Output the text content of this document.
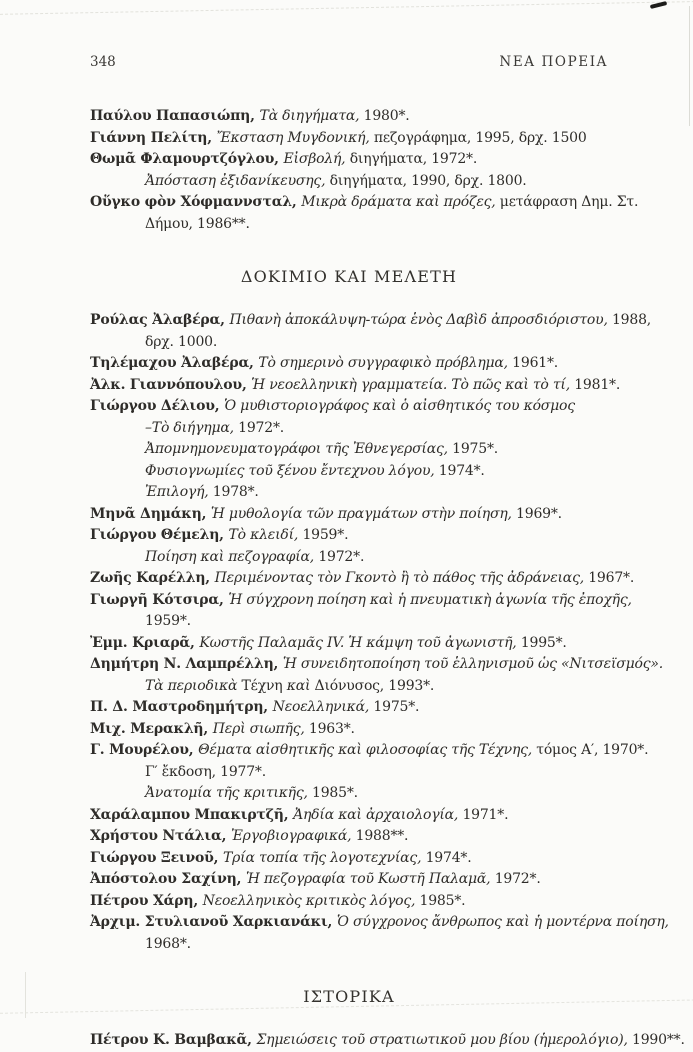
348	ΝΕΑ ΠΟΡΕΙΑ
Παύλου Παπασιώπη, Τὰ διηγήματα, 1980*.
Γιάννη Πελίτη, Ἔκσταση Μυγδονική, πεζογράφημα, 1995, δρχ. 1500
Θωμᾶ Φλαμουρτζόγλου, Εἰσβολή, διηγήματα, 1972*.
Ἀπόσταση ἐξιδανίκευσης, διηγήματα, 1990, δρχ. 1800.
Οὕγκο φὸν Χόφμαννσταλ, Μικρὰ δράματα καὶ πρόζες, μετάφραση Δημ. Στ.
Δήμου, 1986**.
ΔΟΚΙΜΙΟ ΚΑΙ ΜΕΛΕΤΗ
Ρούλας Ἀλαβέρα, Πιθανὴ ἀποκάλυψη-τώρα ἑνὸς Δαβὶδ ἀπροσδιόριστου, 1988,
δρχ. 1000.
Τηλέμαχου Ἀλαβέρα, Τὸ σημερινὸ συγγραφικὸ πρόβλημα, 1961*.
Ἀλκ. Γιαννόπουλου, Ἡ νεοελληνικὴ γραμματεία. Τὸ πῶς καὶ τὸ τί, 1981*.
Γιώργου Δέλιου, Ὁ μυθιστοριογράφος καὶ ὁ αἰσθητικός του κόσμος
–Τὸ διήγημα, 1972*.
Ἀπομνημονευματογράφοι τῆς Ἐθνεγερσίας, 1975*.
Φυσιογνωμίες τοῦ ξένου ἔντεχνου λόγου, 1974*.
Ἐπιλογή, 1978*.
Μηνᾶ Δημάκη, Ἡ μυθολογία τῶν πραγμάτων στὴν ποίηση, 1969*.
Γιώργου Θέμελη, Τὸ κλειδί, 1959*.
Ποίηση καὶ πεζογραφία, 1972*.
Ζωῆς Καρέλλη, Περιμένοντας τὸν Γκοντὸ ἢ τὸ πάθος τῆς ἀδράνειας, 1967*.
Γιωργῆ Κότσιρα, Ἡ σύγχρονη ποίηση καὶ ἡ πνευματικὴ ἀγωνία τῆς ἐποχῆς,
1959*.
Ἐμμ. Κριαρᾶ, Κωστῆς Παλαμᾶς IV. Ἡ κάμψη τοῦ ἀγωνιστῆ, 1995*.
Δημήτρη Ν. Λαμπρέλλη, Ἡ συνειδητοποίηση τοῦ ἑλληνισμοῦ ὡς «Νιτσεϊσμός».
Τὰ περιοδικὰ Τέχνη καὶ Διόνυσος, 1993*.
Π. Δ. Μαστροδημήτρη, Νεοελληνικά, 1975*.
Μιχ. Μερακλῆ, Περὶ σιωπῆς, 1963*.
Γ. Μουρέλου, Θέματα αἰσθητικῆς καὶ φιλοσοφίας τῆς Τέχνης, τόμος Α′, 1970*.
Γ′ ἔκδοση, 1977*.
Ἀνατομία τῆς κριτικῆς, 1985*.
Χαράλαμπου Μπακιρτζῆ, Ἀηδία καὶ ἀρχαιολογία, 1971*.
Χρήστου Ντάλια, Ἐργοβιογραφικά, 1988**.
Γιώργου Ξεινοῦ, Τρία τοπία τῆς λογοτεχνίας, 1974*.
Ἀπόστολου Σαχίνη, Ἡ πεζογραφία τοῦ Κωστῆ Παλαμᾶ, 1972*.
Πέτρου Χάρη, Νεοελληνικὸς κριτικὸς λόγος, 1985*.
Ἀρχιμ. Στυλιανοῦ Χαρκιανάκι, Ὁ σύγχρονος ἄνθρωπος καὶ ἡ μοντέρνα ποίηση,
1968*.
ΙΣΤΟΡΙΚΑ
Πέτρου Κ. Βαμβακᾶ, Σημειώσεις τοῦ στρατιωτικοῦ μου βίου (ἡμερολόγιο), 1990**.
